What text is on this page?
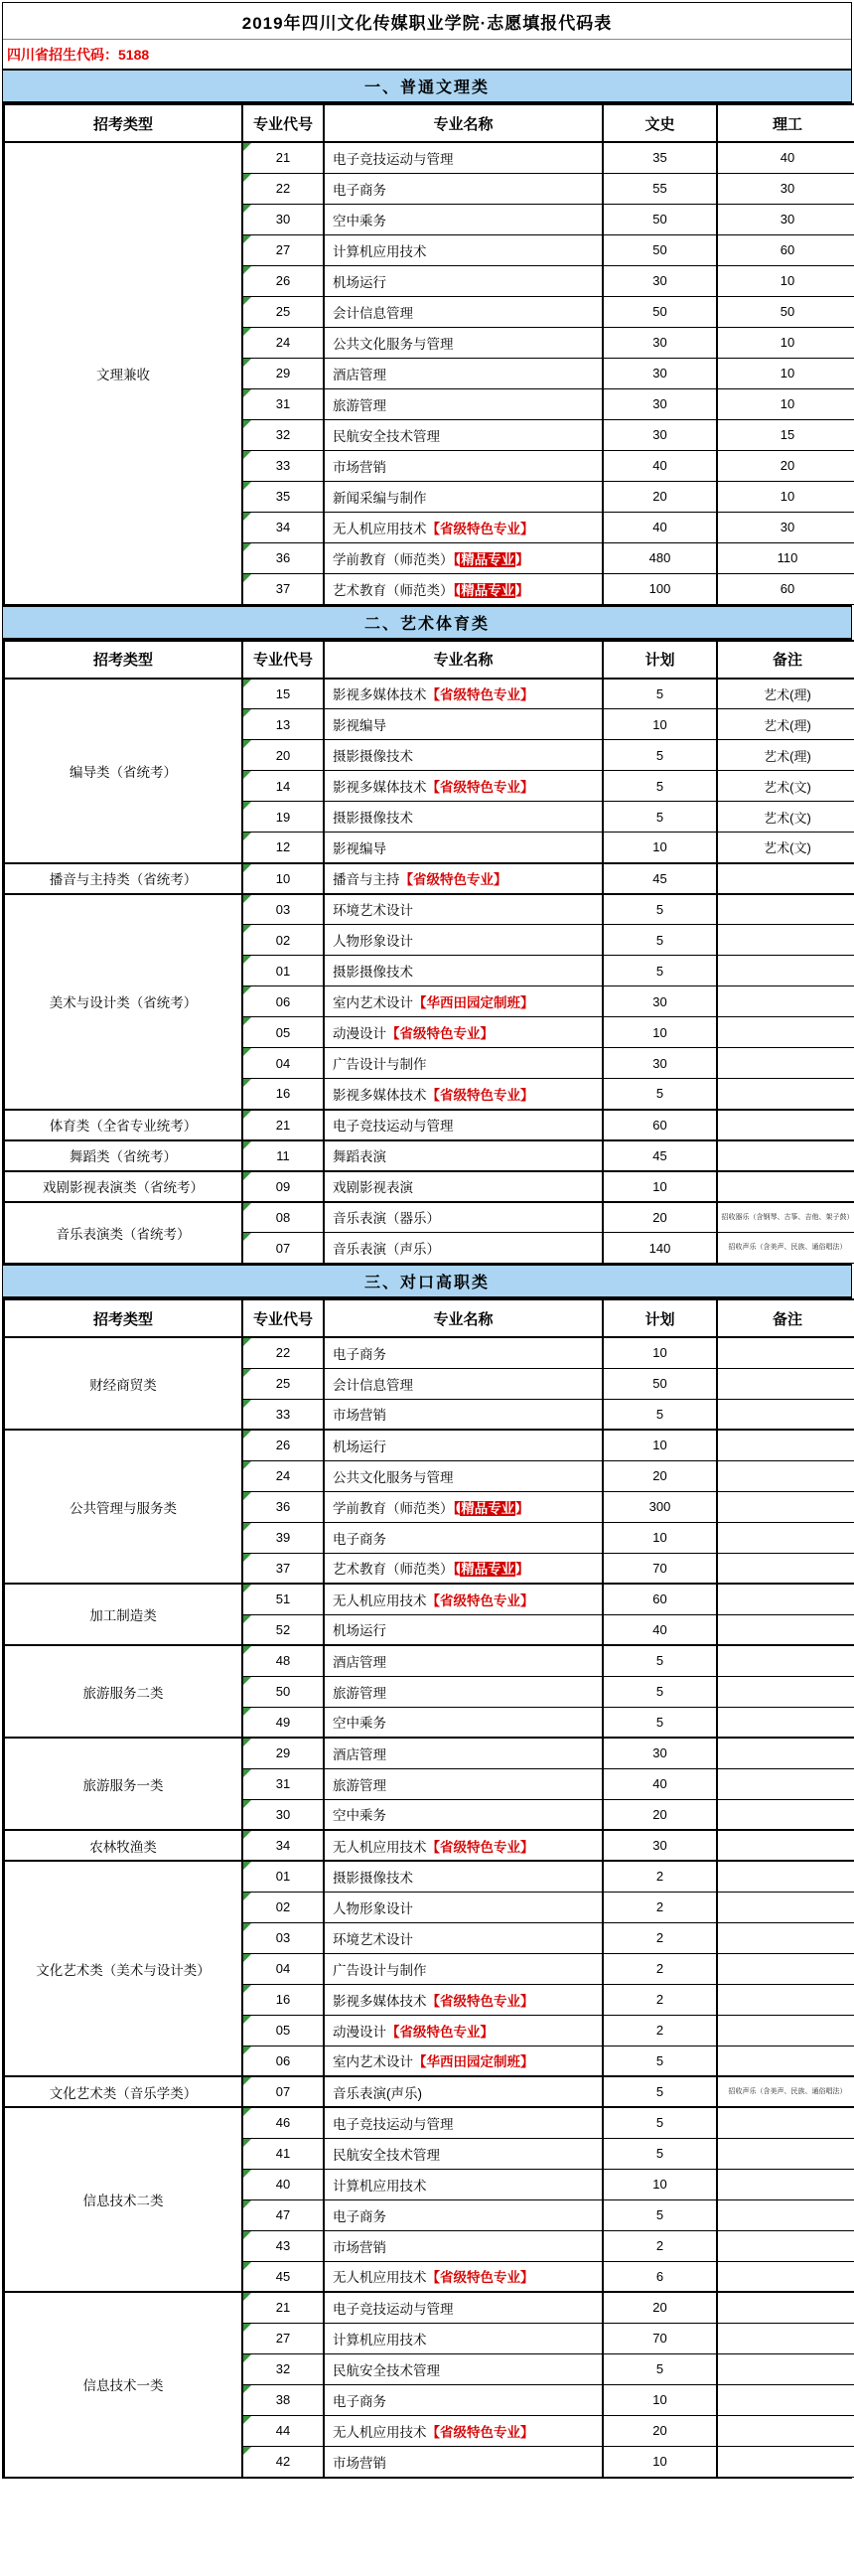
2019年四川文化传媒职业学院·志愿填报代码表
四川省招生代码：5188
一、普通文理类
招考类型	专业代号	专业名称	文史	理工
文理兼收	21	电子竞技运动与管理	35	40
	22	电子商务	55	30
	30	空中乘务	50	30
	27	计算机应用技术	50	60
	26	机场运行	30	10
	25	会计信息管理	50	50
	24	公共文化服务与管理	30	10
	29	酒店管理	30	10
	31	旅游管理	30	10
	32	民航安全技术管理	30	15
	33	市场营销	40	20
	35	新闻采编与制作	20	10
	34	无人机应用技术【省级特色专业】	40	30
	36	学前教育（师范类）【精品专业】	480	110
	37	艺术教育（师范类）【精品专业】	100	60
二、艺术体育类
招考类型	专业代号	专业名称	计划	备注
编导类（省统考）	15	影视多媒体技术【省级特色专业】	5	艺术(理)
	13	影视编导	10	艺术(理)
	20	摄影摄像技术	5	艺术(理)
	14	影视多媒体技术【省级特色专业】	5	艺术(文)
	19	摄影摄像技术	5	艺术(文)
	12	影视编导	10	艺术(文)
播音与主持类（省统考）	10	播音与主持【省级特色专业】	45	
美术与设计类（省统考）	03	环境艺术设计	5	
	02	人物形象设计	5	
	01	摄影摄像技术	5	
	06	室内艺术设计【华西田园定制班】	30	
	05	动漫设计【省级特色专业】	10	
	04	广告设计与制作	30	
	16	影视多媒体技术【省级特色专业】	5	
体育类（全省专业统考）	21	电子竞技运动与管理	60	
舞蹈类（省统考）	11	舞蹈表演	45	
戏剧影视表演类（省统考）	09	戏剧影视表演	10	
音乐表演类（省统考）	08	音乐表演（器乐）	20	招收器乐（含钢琴、古筝、吉他、架子鼓）
	07	音乐表演（声乐）	140	招收声乐（含美声、民族、通俗唱法）
三、对口高职类
招考类型	专业代号	专业名称	计划	备注
财经商贸类	22	电子商务	10	
	25	会计信息管理	50	
	33	市场营销	5	
公共管理与服务类	26	机场运行	10	
	24	公共文化服务与管理	20	
	36	学前教育（师范类）【精品专业】	300	
	39	电子商务	10	
	37	艺术教育（师范类）【精品专业】	70	
加工制造类	51	无人机应用技术【省级特色专业】	60	
	52	机场运行	40	
旅游服务二类	48	酒店管理	5	
	50	旅游管理	5	
	49	空中乘务	5	
旅游服务一类	29	酒店管理	30	
	31	旅游管理	40	
	30	空中乘务	20	
农林牧渔类	34	无人机应用技术【省级特色专业】	30	
文化艺术类（美术与设计类）	01	摄影摄像技术	2	
	02	人物形象设计	2	
	03	环境艺术设计	2	
	04	广告设计与制作	2	
	16	影视多媒体技术【省级特色专业】	2	
	05	动漫设计【省级特色专业】	2	
	06	室内艺术设计【华西田园定制班】	5	
文化艺术类（音乐学类）	07	音乐表演(声乐)	5	招收声乐（含美声、民族、通俗唱法）
信息技术二类	46	电子竞技运动与管理	5	
	41	民航安全技术管理	5	
	40	计算机应用技术	10	
	47	电子商务	5	
	43	市场营销	2	
	45	无人机应用技术【省级特色专业】	6	
信息技术一类	21	电子竞技运动与管理	20	
	27	计算机应用技术	70	
	32	民航安全技术管理	5	
	38	电子商务	10	
	44	无人机应用技术【省级特色专业】	20	
	42	市场营销	10	
